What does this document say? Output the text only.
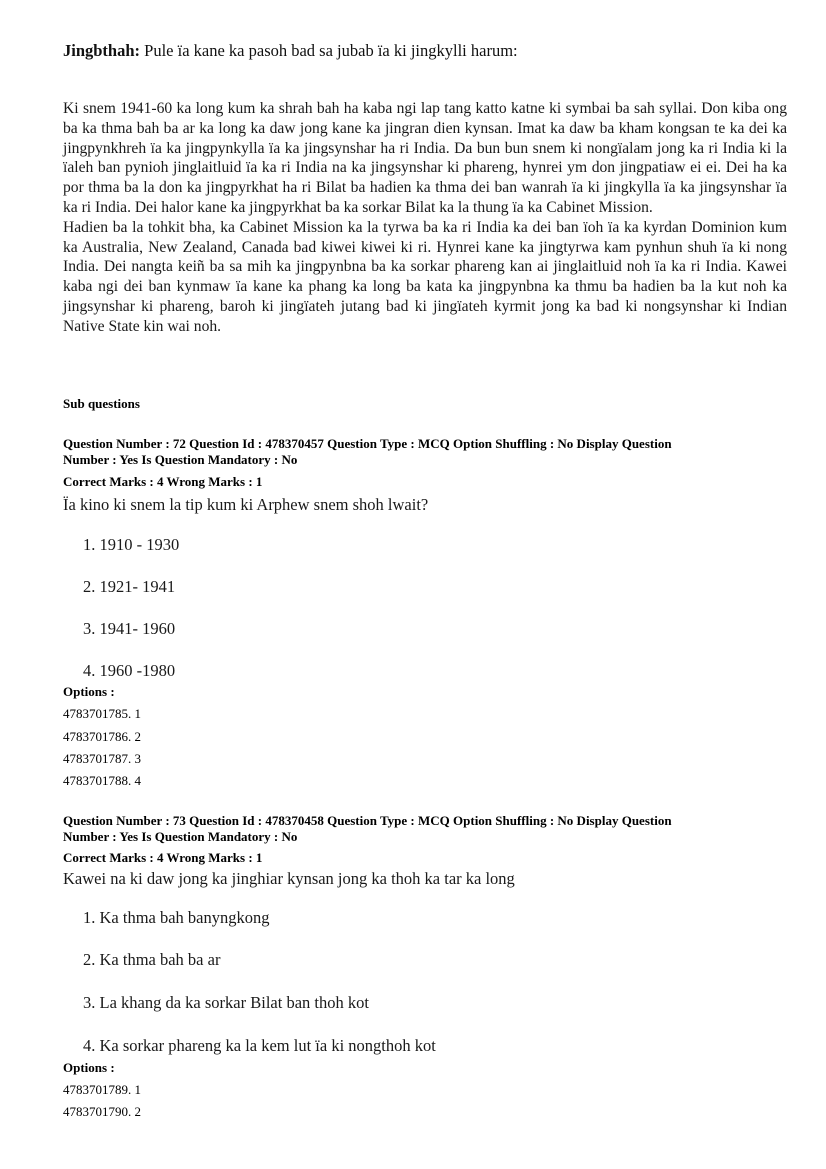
Jingbthah: Pule ïa kane ka pasoh bad sa jubab ïa ki jingkylli harum:

Ki snem 1941-60 ka long kum ka shrah bah ha kaba ngi lap tang katto katne ki symbai ba sah syllai. Don kiba ong ba ka thma bah ba ar ka long ka daw jong kane ka jingran dien kynsan. Imat ka daw ba kham kongsan te ka dei ka jingpynkhreh ïa ka jingpynkylla ïa ka jingsynshar ha ri India. Da bun bun snem ki nongïalam jong ka ri India ki la ïaleh ban pynioh jinglaitluid ïa ka ri India na ka jingsynshar ki phareng, hynrei ym don jingpatiaw ei ei. Dei ha ka por thma ba la don ka jingpyrkhat ha ri Bilat ba hadien ka thma dei ban wanrah ïa ki jingkylla ïa ka jingsynshar ïa ka ri India. Dei halor kane ka jingpyrkhat ba ka sorkar Bilat ka la thung ïa ka Cabinet Mission.

Hadien ba la tohkit bha, ka Cabinet Mission ka la tyrwa ba ka ri India ka dei ban ïoh ïa ka kyrdan Dominion kum ka Australia, New Zealand, Canada bad kiwei kiwei ki ri. Hynrei kane ka jingtyrwa kam pynhun shuh ïa ki nong India. Dei nangta keiñ ba sa mih ka jingpynbna ba ka sorkar phareng kan ai jinglaitluid noh ïa ka ri India. Kawei kaba ngi dei ban kynmaw ïa kane ka phang ka long ba kata ka jingpynbna ka thmu ba hadien ba la kut noh ka jingsynshar ki phareng, baroh ki jingïateh jutang bad ki jingïateh kyrmit jong ka bad ki nongsynshar ki Indian Native State kin wai noh.

Sub questions
Question Number : 72 Question Id : 478370457 Question Type : MCQ Option Shuffling : No Display Question
Number : Yes Is Question Mandatory : No
Correct Marks : 4 Wrong Marks : 1
Ïa kino ki snem la tip kum ki Arphew snem shoh lwait?
1. 1910 - 1930
2. 1921- 1941
3. 1941- 1960
4. 1960 -1980
Options :
4783701785. 1
4783701786. 2
4783701787. 3
4783701788. 4
Question Number : 73 Question Id : 478370458 Question Type : MCQ Option Shuffling : No Display Question
Number : Yes Is Question Mandatory : No
Correct Marks : 4 Wrong Marks : 1
Kawei na ki daw jong ka jinghiar kynsan jong ka thoh ka tar ka long
1. Ka thma bah banyngkong
2. Ka thma bah ba ar
3. La khang da ka sorkar Bilat ban thoh kot
4. Ka sorkar phareng ka la kem lut ïa ki nongthoh kot
Options :
4783701789. 1
4783701790. 2
